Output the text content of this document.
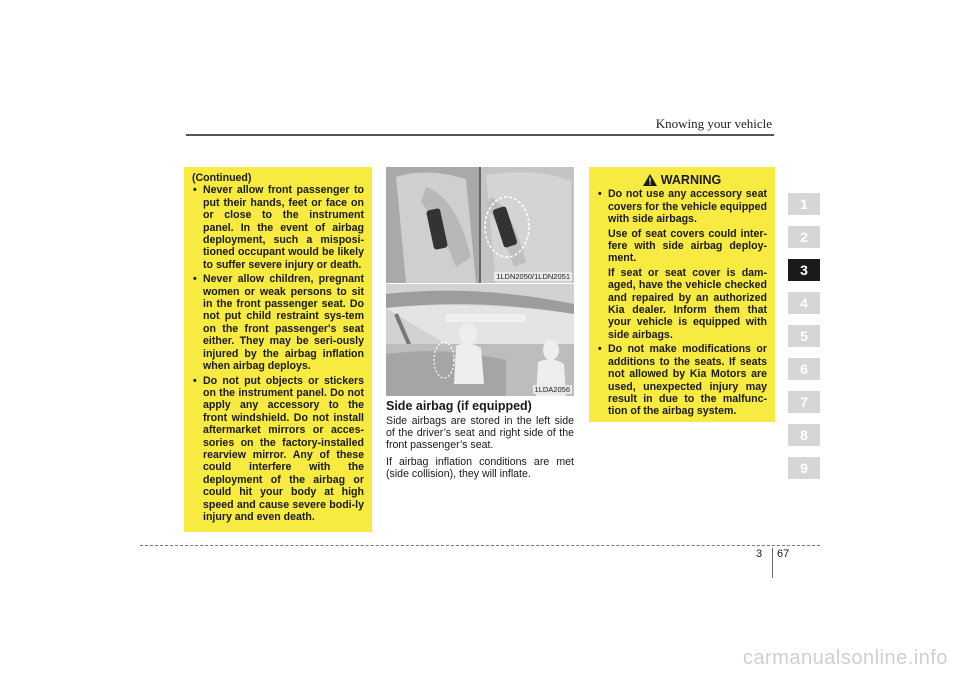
Knowing your vehicle
1
2
3
4
5
6
7
8
9
(Continued)
• Never allow front passenger to put their hands, feet or face on or close to the instrument panel. In the event of airbag deployment, such a misposi-tioned occupant would be likely to suffer severe injury or death.
• Never allow children, pregnant women or weak persons to sit in the front passenger seat. Do not put child restraint sys-tem on the front passenger's seat either. They may be seri-ously injured by the airbag inflation when airbag deploys.
• Do not put objects or stickers on the instrument panel. Do not apply any accessory to the front windshield. Do not install aftermarket mirrors or acces-sories on the factory-installed rearview mirror. Any of these could interfere with the deployment of the airbag or could hit your body at high speed and cause severe bodi-ly injury and even death.
1LDN2050/1LDN2051
1LDA2056
Side airbag (if equipped)

Side airbags are stored in the left side of the driver’s seat and right side of the front passenger’s seat.

If airbag inflation conditions are met (side collision), they will inflate.

WARNING

• Do not use any accessory seat covers for the vehicle equipped with side airbags.

Use of seat covers could inter-fere with side airbag deploy-ment.

If seat or seat cover is dam-aged, have the vehicle checked and repaired by an authorized Kia dealer. Inform them that your vehicle is equipped with side airbags.

• Do not make modifications or additions to the seats. If seats not allowed by Kia Motors are used, unexpected injury may result in due to the malfunc-tion of the airbag system.
3 67
carmanualsonline.info
